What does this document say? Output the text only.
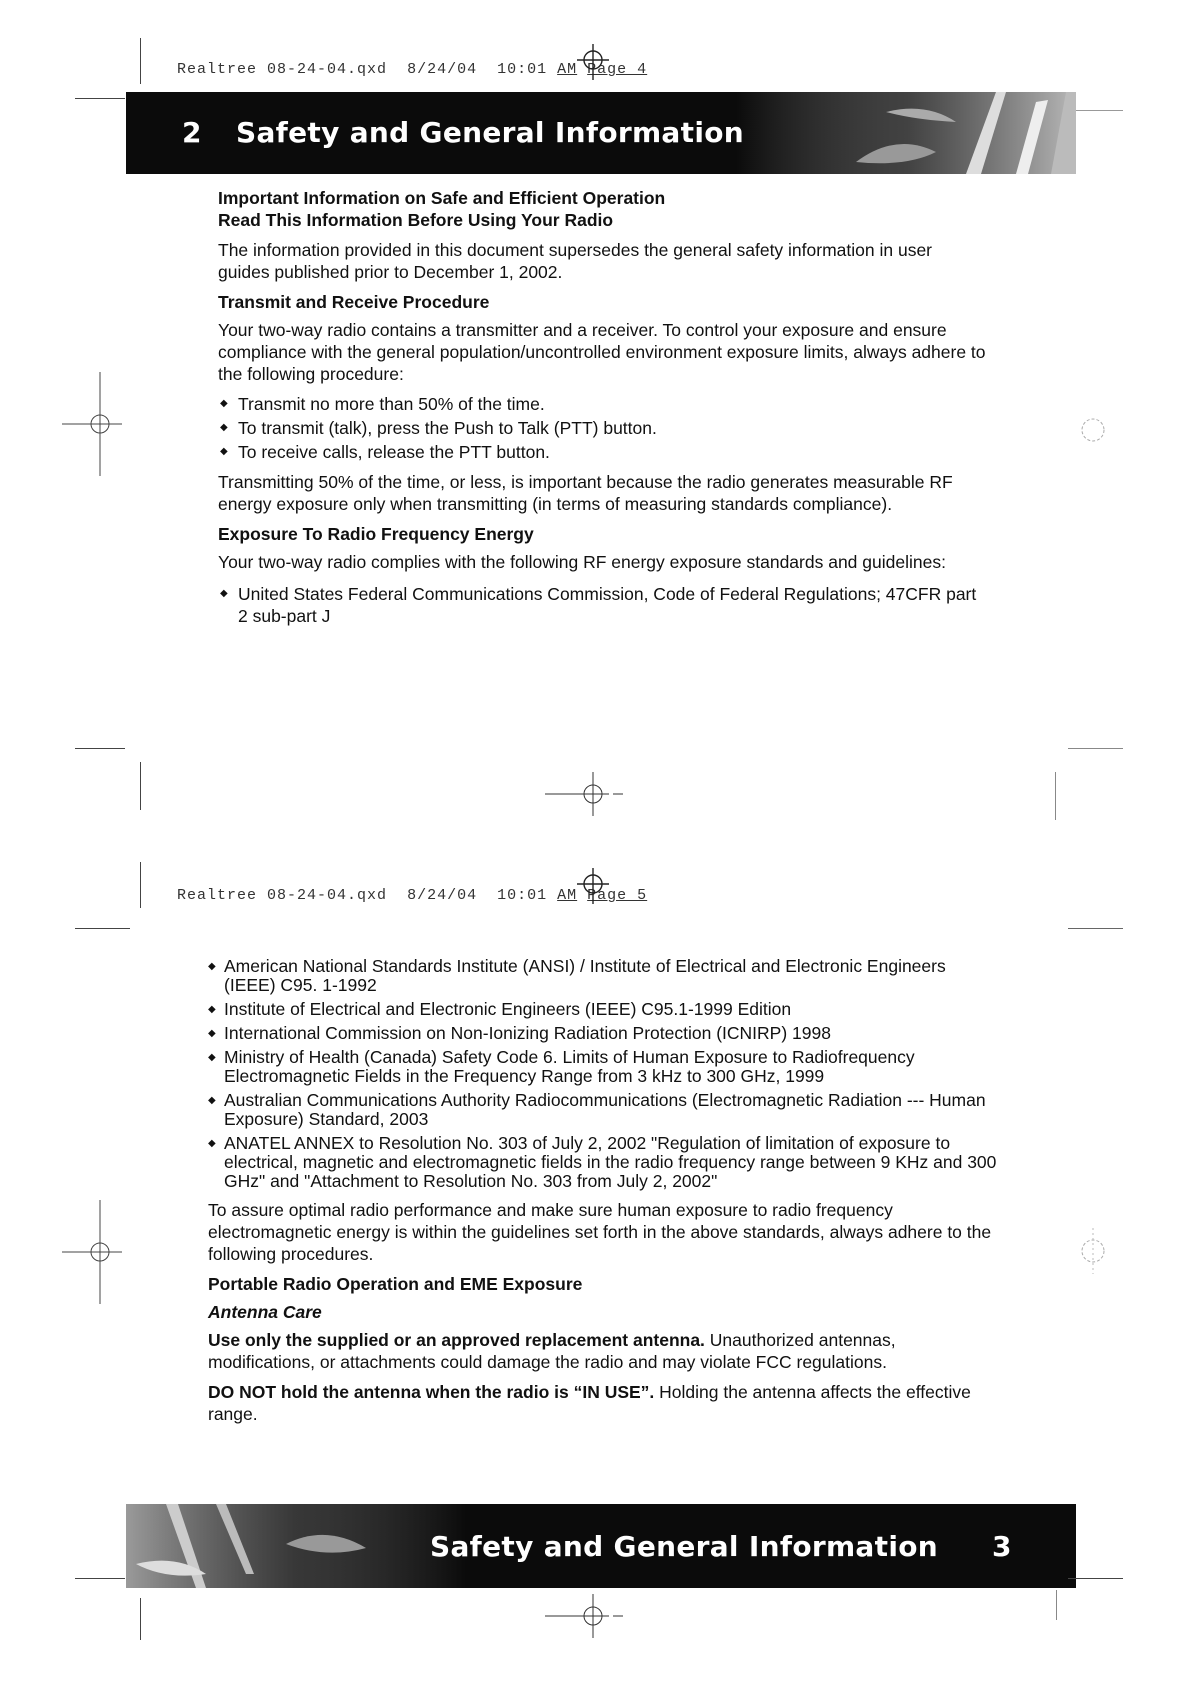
Realtree 08-24-04.qxd 8/24/04 10:01 AM Page 4

2 Safety and General Information
Important Information on Safe and Efficient Operation
Read This Information Before Using Your Radio

The information provided in this document supersedes the general safety information in user guides published prior to December 1, 2002.

Transmit and Receive Procedure

Your two-way radio contains a transmitter and a receiver. To control your exposure and ensure compliance with the general population/uncontrolled environment exposure limits, always adhere to the following procedure:

◆ Transmit no more than 50% of the time.
◆ To transmit (talk), press the Push to Talk (PTT) button.
◆ To receive calls, release the PTT button.

Transmitting 50% of the time, or less, is important because the radio generates measurable RF energy exposure only when transmitting (in terms of measuring standards compliance).

Exposure To Radio Frequency Energy

Your two-way radio complies with the following RF energy exposure standards and guidelines:

◆ United States Federal Communications Commission, Code of Federal Regulations; 47CFR part 2 sub-part J

Realtree 08-24-04.qxd 8/24/04 10:01 AM Page 5

◆ American National Standards Institute (ANSI) / Institute of Electrical and Electronic Engineers (IEEE) C95. 1-1992
◆ Institute of Electrical and Electronic Engineers (IEEE) C95.1-1999 Edition
◆ International Commission on Non-Ionizing Radiation Protection (ICNIRP) 1998
◆ Ministry of Health (Canada) Safety Code 6. Limits of Human Exposure to Radiofrequency Electromagnetic Fields in the Frequency Range from 3 kHz to 300 GHz, 1999
◆ Australian Communications Authority Radiocommunications (Electromagnetic Radiation --- Human Exposure) Standard, 2003
◆ ANATEL ANNEX to Resolution No. 303 of July 2, 2002 "Regulation of limitation of exposure to electrical, magnetic and electromagnetic fields in the radio frequency range between 9 KHz and 300 GHz" and "Attachment to Resolution No. 303 from July 2, 2002"

To assure optimal radio performance and make sure human exposure to radio frequency electromagnetic energy is within the guidelines set forth in the above standards, always adhere to the following procedures.

Portable Radio Operation and EME Exposure
Antenna Care

Use only the supplied or an approved replacement antenna. Unauthorized antennas, modifications, or attachments could damage the radio and may violate FCC regulations.

DO NOT hold the antenna when the radio is “IN USE”. Holding the antenna affects the effective range.

Safety and General Information 3
